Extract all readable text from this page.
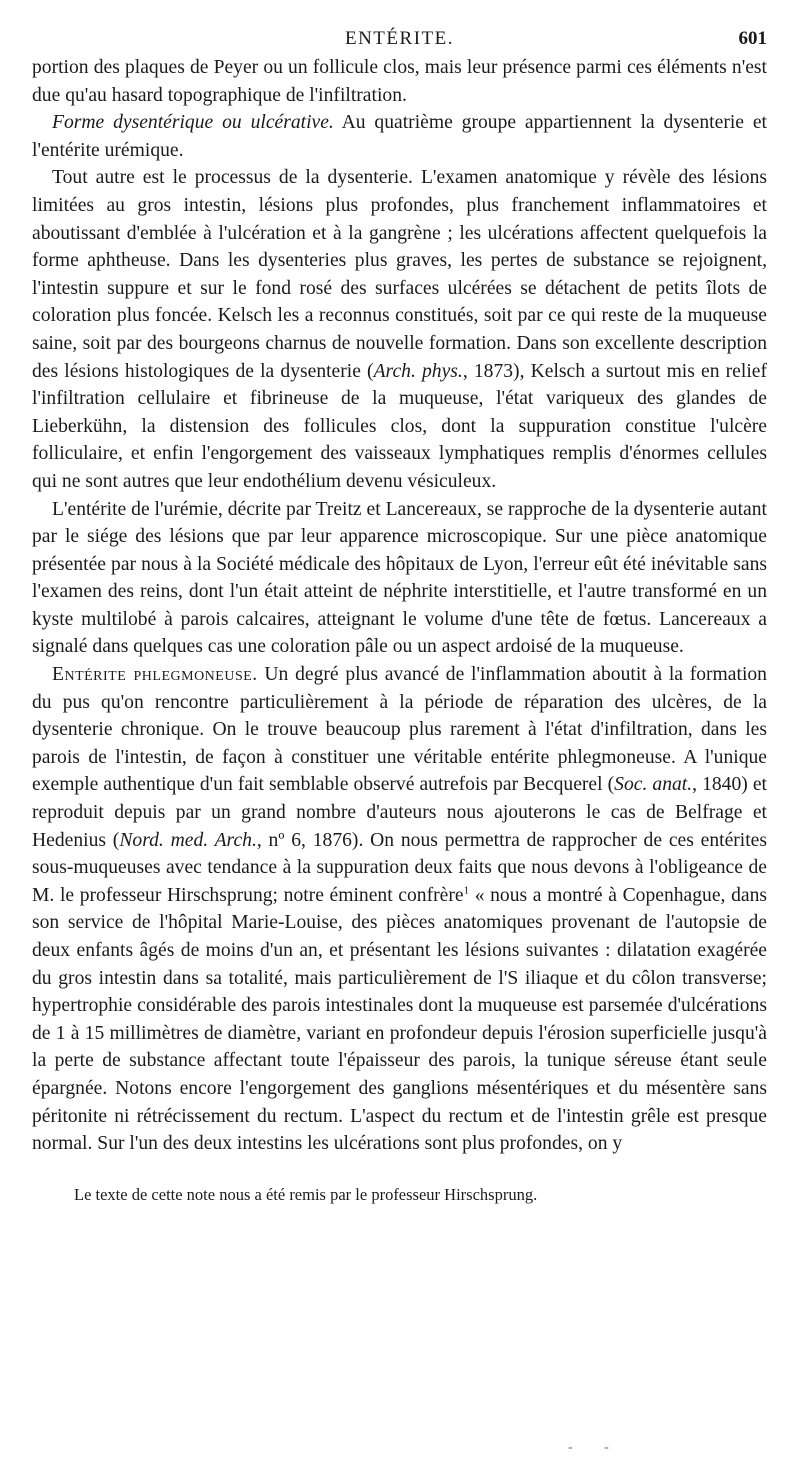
ENTÉRITE.	601

portion des plaques de Peyer ou un follicule clos, mais leur présence parmi ces éléments n'est due qu'au hasard topographique de l'infiltration.

Forme dysentérique ou ulcérative. Au quatrième groupe appartiennent la dysenterie et l'entérite urémique.

Tout autre est le processus de la dysenterie. L'examen anatomique y révèle des lésions limitées au gros intestin, lésions plus profondes, plus franchement inflammatoires et aboutissant d'emblée à l'ulcération et à la gangrène ; les ulcérations affectent quelquefois la forme aphtheuse. Dans les dysenteries plus graves, les pertes de substance se rejoignent, l'intestin suppure et sur le fond rosé des surfaces ulcérées se détachent de petits îlots de coloration plus foncée. Kelsch les a reconnus constitués, soit par ce qui reste de la muqueuse saine, soit par des bourgeons charnus de nouvelle formation. Dans son excellente description des lésions histologiques de la dysenterie (Arch. phys., 1873), Kelsch a surtout mis en relief l'infiltration cellulaire et fibrineuse de la muqueuse, l'état variqueux des glandes de Lieberkühn, la distension des follicules clos, dont la suppuration constitue l'ulcère folliculaire, et enfin l'engorgement des vaisseaux lymphatiques remplis d'énormes cellules qui ne sont autres que leur endothélium devenu vésiculeux.

L'entérite de l'urémie, décrite par Treitz et Lancereaux, se rapproche de la dysenterie autant par le siége des lésions que par leur apparence microscopique. Sur une pièce anatomique présentée par nous à la Société médicale des hôpitaux de Lyon, l'erreur eût été inévitable sans l'examen des reins, dont l'un était atteint de néphrite interstitielle, et l'autre transformé en un kyste multilobé à parois calcaires, atteignant le volume d'une tête de fœtus. Lancereaux a signalé dans quelques cas une coloration pâle ou un aspect ardoisé de la muqueuse.

Entérite phlegmoneuse. Un degré plus avancé de l'inflammation aboutit à la formation du pus qu'on rencontre particulièrement à la période de réparation des ulcères, de la dysenterie chronique. On le trouve beaucoup plus rarement à l'état d'infiltration, dans les parois de l'intestin, de façon à constituer une véritable entérite phlegmoneuse. A l'unique exemple authentique d'un fait semblable observé autrefois par Becquerel (Soc. anat., 1840) et reproduit depuis par un grand nombre d'auteurs nous ajouterons le cas de Belfrage et Hedenius (Nord. med. Arch., nº 6, 1876). On nous permettra de rapprocher de ces entérites sous-muqueuses avec tendance à la suppuration deux faits que nous devons à l'obligeance de M. le professeur Hirschsprung; notre éminent confrère$^1$ « nous a montré à Copenhague, dans son service de l'hôpital Marie-Louise, des pièces anatomiques provenant de l'autopsie de deux enfants âgés de moins d'un an, et présentant les lésions suivantes : dilatation exagérée du gros intestin dans sa totalité, mais particulièrement de l'S iliaque et du côlon transverse; hypertrophie considérable des parois intestinales dont la muqueuse est parsemée d'ulcérations de 1 à 15 millimètres de diamètre, variant en profondeur depuis l'érosion superficielle jusqu'à la perte de substance affectant toute l'épaisseur des parois, la tunique séreuse étant seule épargnée. Notons encore l'engorgement des ganglions mésentériques et du mésentère sans péritonite ni rétrécissement du rectum. L'aspect du rectum et de l'intestin grêle est presque normal. Sur l'un des deux intestins les ulcérations sont plus profondes, on y

Le texte de cette note nous a été remis par le professeur Hirschsprung.

- -
